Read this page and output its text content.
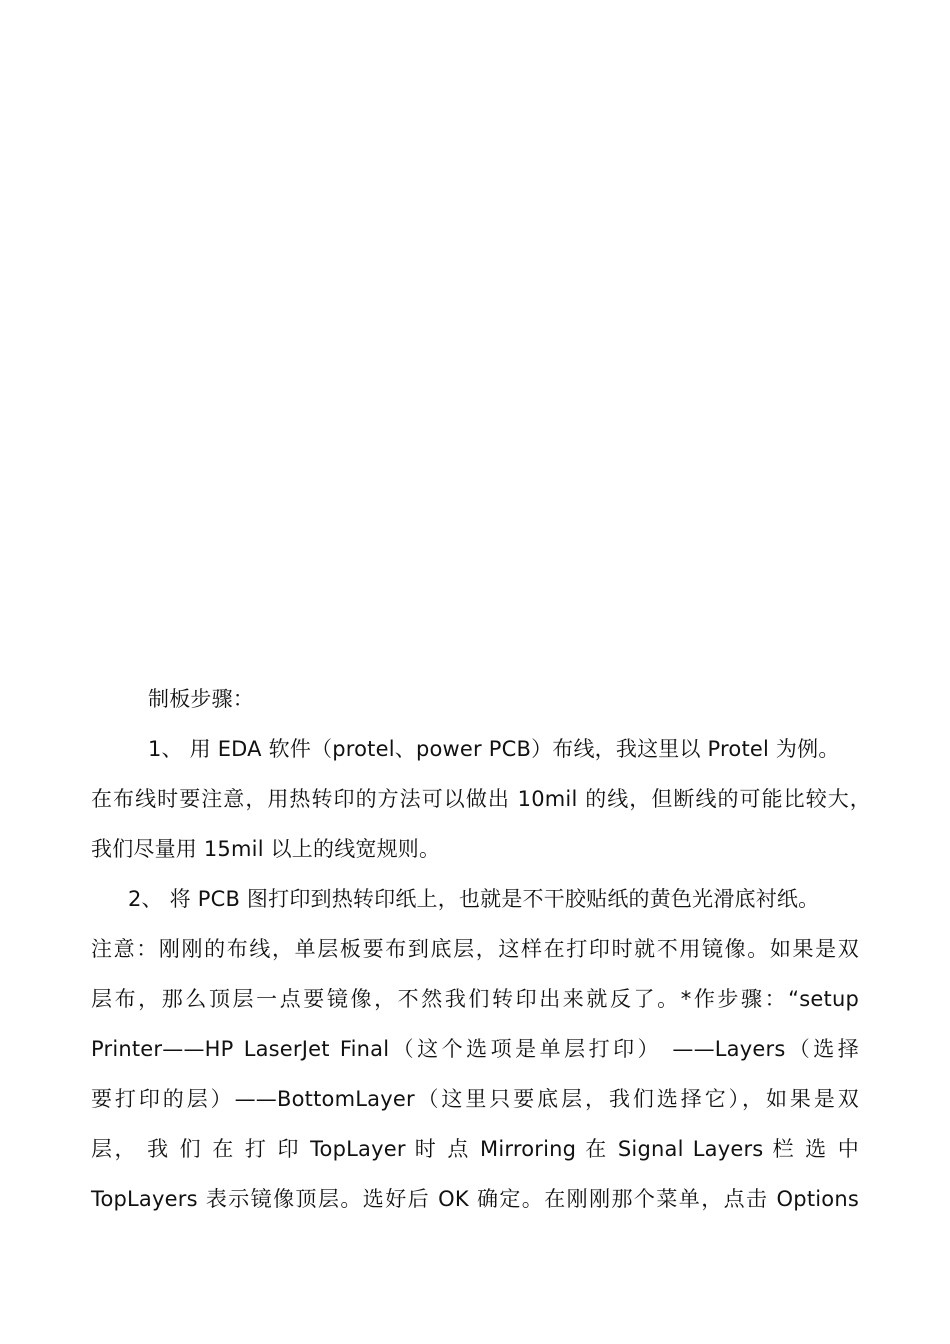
制板步骤：
1、 用 EDA 软件（protel、power PCB）布线，我这里以 Protel 为例。
在布线时要注意，用热转印的方法可以做出 10mil 的线，但断线的可能比较大，
我们尽量用 15mil 以上的线宽规则。
2、 将 PCB 图打印到热转印纸上，也就是不干胶贴纸的黄色光滑底衬纸。
注意：刚刚的布线，单层板要布到底层，这样在打印时就不用镜像。如果是双
层布，那么顶层一点要镜像，不然我们转印出来就反了。*作步骤：“setup
Printer——HP LaserJet Final（这个选项是单层打印） ——Layers（选择
要打印的层）——BottomLayer（这里只要底层，我们选择它），如果是双
层， 我 们 在 打 印 TopLayer 时 点 Mirroring 在 Signal Layers 栏 选 中
TopLayers 表示镜像顶层。选好后 OK 确定。在刚刚那个菜单，点击 Options
